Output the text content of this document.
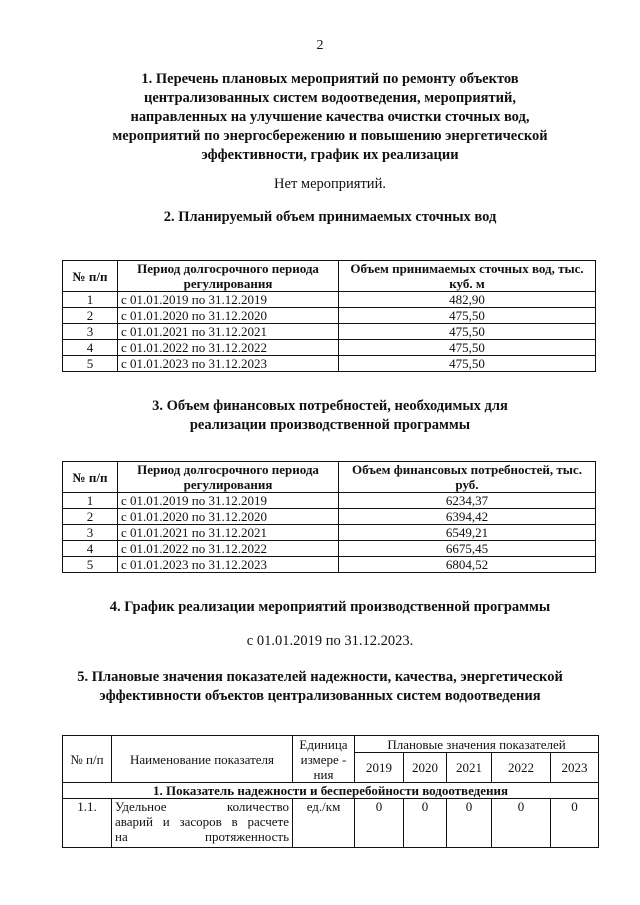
2
1. Перечень плановых мероприятий по ремонту объектов
централизованных систем водоотведения, мероприятий,
направленных на улучшение качества очистки сточных вод,
мероприятий по энергосбережению и повышению энергетической
эффективности, график их реализации
Нет мероприятий.
2. Планируемый объем принимаемых сточных вод
№ п/п	Период долгосрочного периода регулирования	Объем принимаемых сточных вод, тыс. куб. м
1	с 01.01.2019 по 31.12.2019	482,90
2	с 01.01.2020 по 31.12.2020	475,50
3	с 01.01.2021 по 31.12.2021	475,50
4	с 01.01.2022 по 31.12.2022	475,50
5	с 01.01.2023 по 31.12.2023	475,50
3. Объем финансовых потребностей, необходимых для
реализации производственной программы
№ п/п	Период долгосрочного периода регулирования	Объем финансовых потребностей, тыс. руб.
1	с 01.01.2019 по 31.12.2019	6234,37
2	с 01.01.2020 по 31.12.2020	6394,42
3	с 01.01.2021 по 31.12.2021	6549,21
4	с 01.01.2022 по 31.12.2022	6675,45
5	с 01.01.2023 по 31.12.2023	6804,52
4. График реализации мероприятий производственной программы
с 01.01.2019 по 31.12.2023.
5. Плановые значения показателей надежности, качества, энергетической
эффективности объектов централизованных систем водоотведения
№ п/п	Наименование показателя	Единица измере - ния	Плановые значения показателей				
			2019	2020	2021	2022	2023
1. Показатель надежности и бесперебойности водоотведения							
1.1.	Удельное количество
аварий и засоров в расчете
на протяженность	ед./км	0	0	0	0	0
